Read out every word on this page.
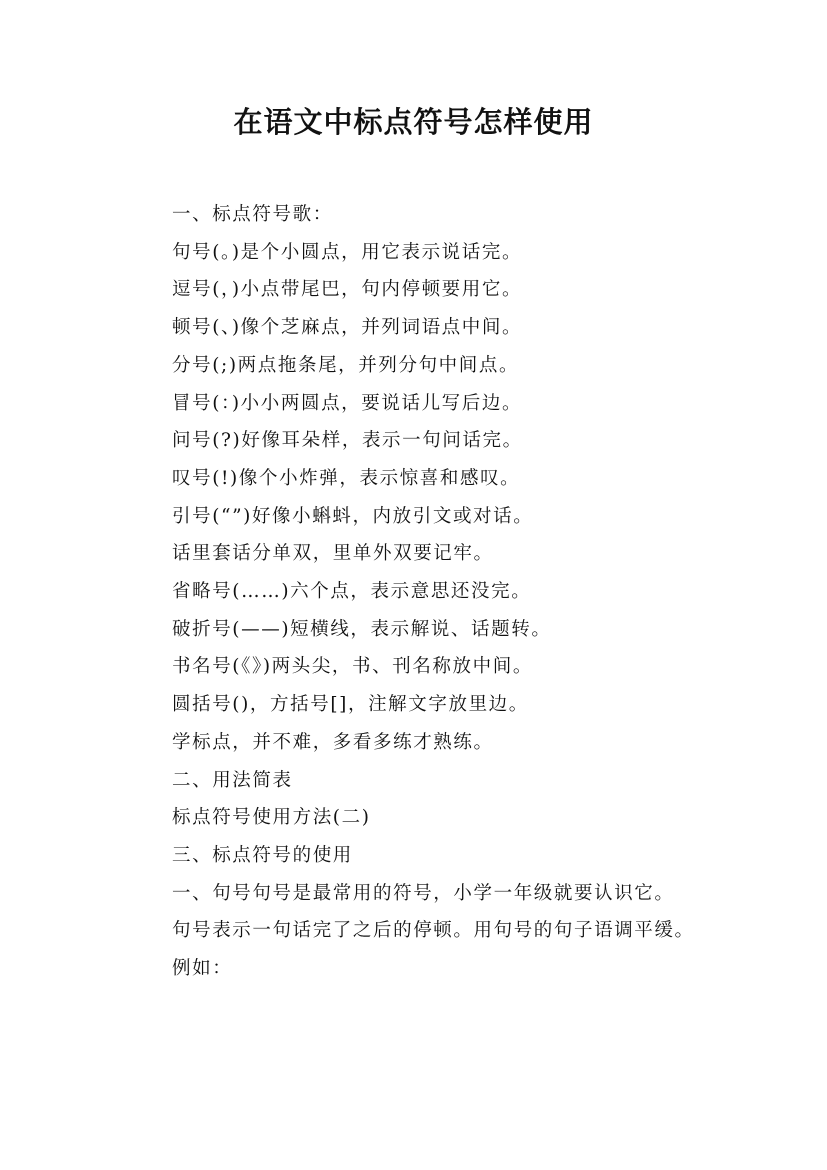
在语文中标点符号怎样使用
一、标点符号歌：
句号(。)是个小圆点，用它表示说话完。
逗号(，)小点带尾巴，句内停顿要用它。
顿号(、)像个芝麻点，并列词语点中间。
分号(;)两点拖条尾，并列分句中间点。
冒号(：)小小两圆点，要说话儿写后边。
问号(?)好像耳朵样，表示一句问话完。
叹号(!)像个小炸弹，表示惊喜和感叹。
引号(“”)好像小蝌蚪，内放引文或对话。
话里套话分单双，里单外双要记牢。
省略号(……)六个点，表示意思还没完。
破折号(——)短横线，表示解说、话题转。
书名号(《》)两头尖，书、刊名称放中间。
圆括号()，方括号[]，注解文字放里边。
学标点，并不难，多看多练才熟练。
二、用法简表
标点符号使用方法(二)
三、标点符号的使用
一、句号句号是最常用的符号，小学一年级就要认识它。
句号表示一句话完了之后的停顿。用句号的句子语调平缓。
例如：
